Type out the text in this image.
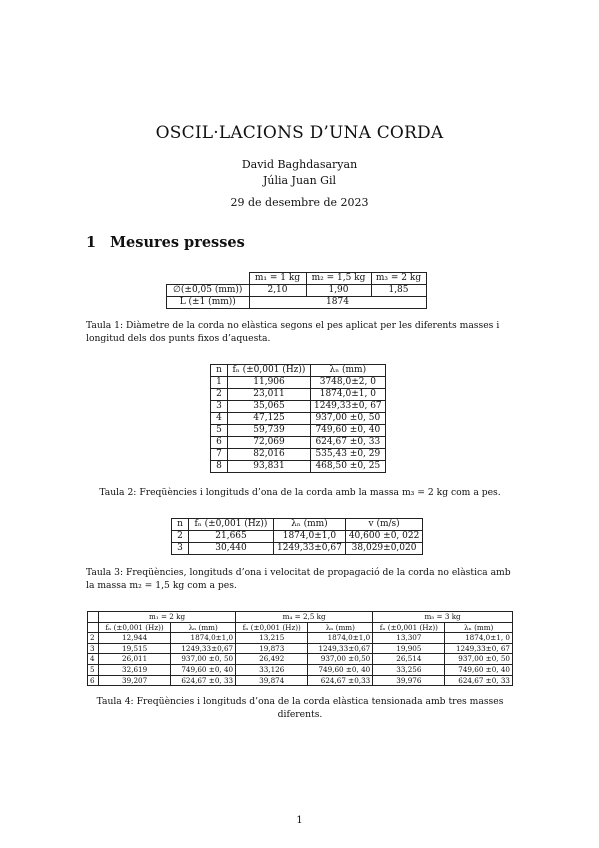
OSCIL·LACIONS D’UNA CORDA
David Baghdasaryan
Júlia Juan Gil
29 de desembre de 2023
1 Mesures presses
	m₁ = 1 kg	m₂ = 1,5 kg	m₃ = 2 kg
∅(±0,05 (mm))	2,10	1,90	1,85
L (±1 (mm))	1874		
Taula 1: Diàmetre de la corda no elàstica segons el pes aplicat per les diferents masses i longitud dels dos punts fixos d’aquesta.
n	fₙ (±0,001 (Hz))	λₙ (mm)
1	11,906	3748,0±2, 0
2	23,011	1874,0±1, 0
3	35,065	1249,33±0, 67
4	47,125	937,00 ±0, 50
5	59,739	749,60 ±0, 40
6	72,069	624,67 ±0, 33
7	82,016	535,43 ±0, 29
8	93,831	468,50 ±0, 25
Taula 2: Freqüències i longituds d’ona de la corda amb la massa m₃ = 2 kg com a pes.
n	fₙ (±0,001 (Hz))	λₙ (mm)	v (m/s)
2	21,665	1874,0±1,0	40,600 ±0, 022
3	30,440	1249,33±0,67	38,029±0,020
Taula 3: Freqüències, longituds d’ona i velocitat de propagació de la corda no elàstica amb la massa m₂ = 1,5 kg com a pes.
	m₁ = 2 kg		m₄ = 2,5 kg		m₅ = 3 kg	
	fₙ (±0,001 (Hz))	λₙ (mm)	fₙ (±0,001 (Hz))	λₙ (mm)	fₙ (±0,001 (Hz))	λₙ (mm)
2	12,944	1874,0±1,0	13,215	1874,0±1,0	13,307	1874,0±1, 0
3	19,515	1249,33±0,67	19,873	1249,33±0,67	19,905	1249,33±0, 67
4	26,011	937,00 ±0, 50	26,492	937,00 ±0,50	26,514	937,00 ±0, 50
5	32,619	749,60 ±0, 40	33,126	749,60 ±0, 40	33,256	749,60 ±0, 40
6	39,207	624,67 ±0, 33	39,874	624,67 ±0,33	39,976	624,67 ±0, 33
Taula 4: Freqüències i longituds d’ona de la corda elàstica tensionada amb tres masses diferents.
1
